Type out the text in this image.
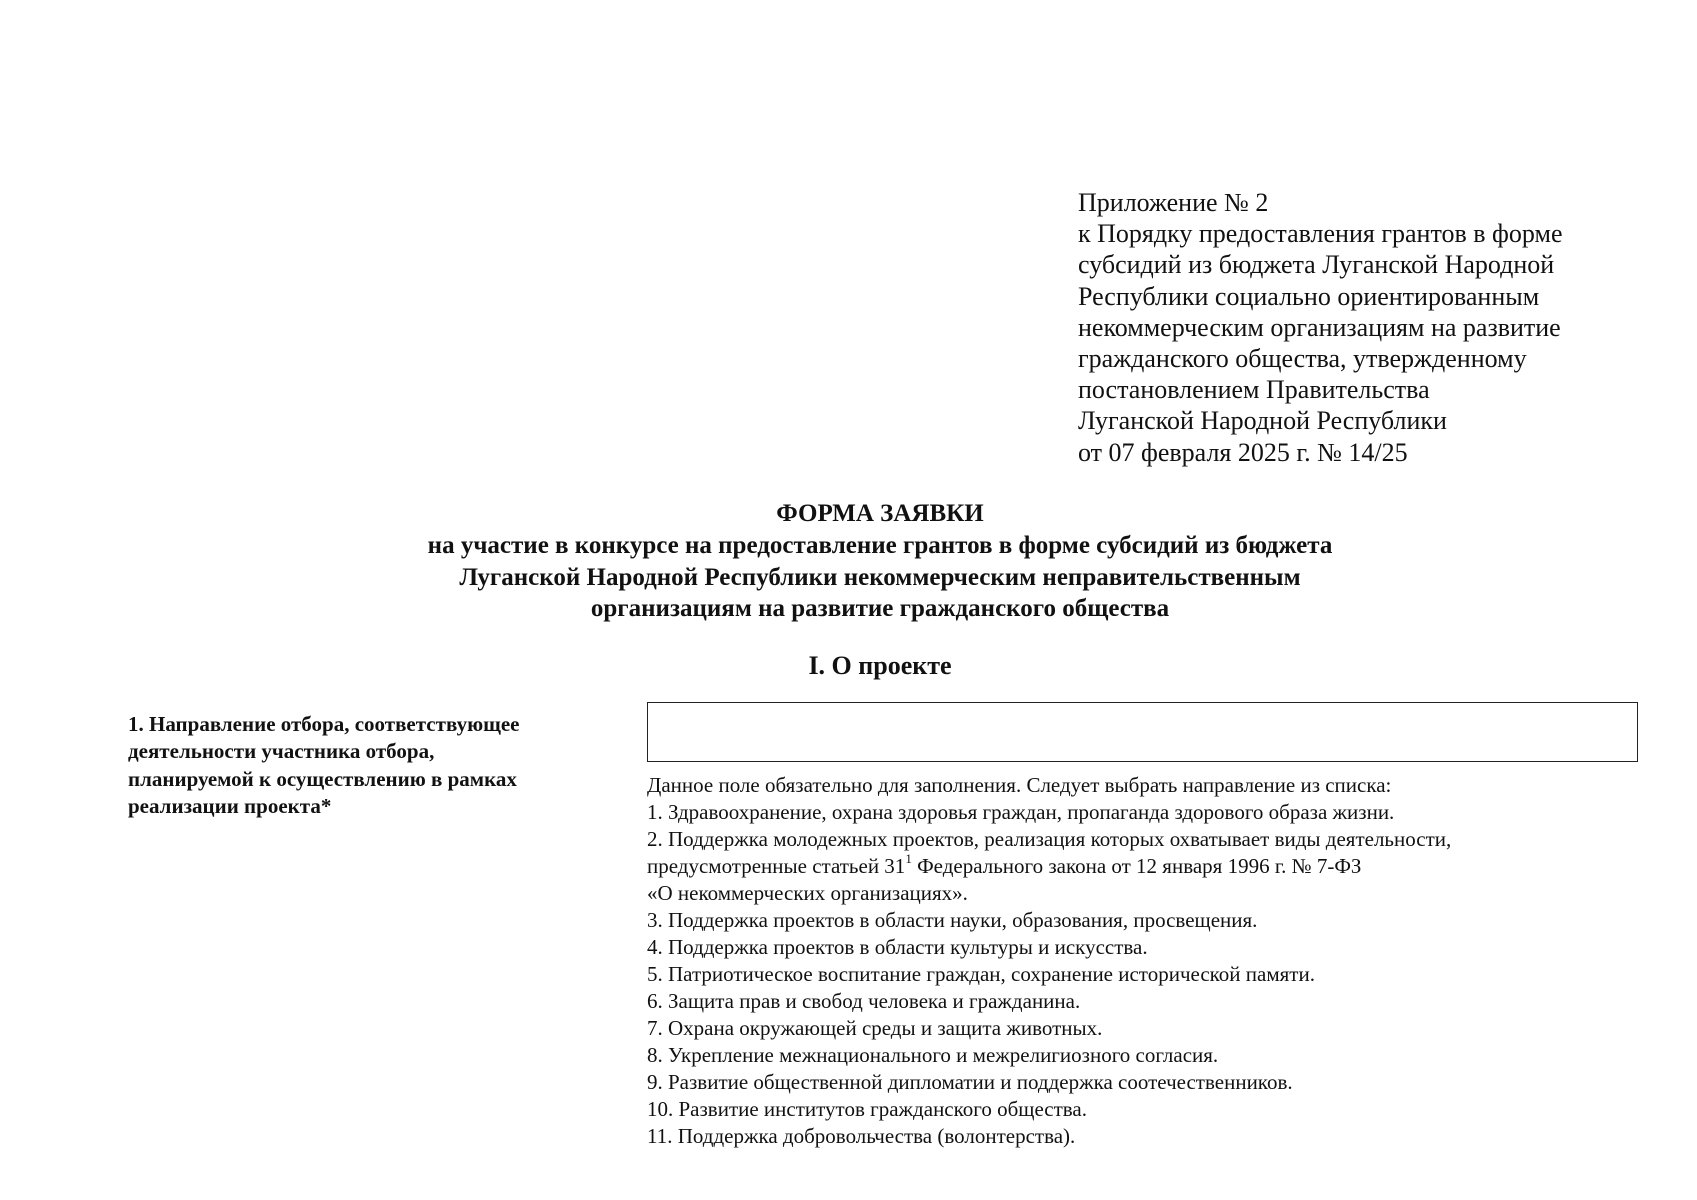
Приложение № 2
к Порядку предоставления грантов в форме
субсидий из бюджета Луганской Народной
Республики социально ориентированным
некоммерческим организациям на развитие
гражданского общества, утвержденному
постановлением Правительства
Луганской Народной Республики
от 07 февраля 2025 г. № 14/25
ФОРМА ЗАЯВКИ
на участие в конкурсе на предоставление грантов в форме субсидий из бюджета
Луганской Народной Республики некоммерческим неправительственным
организациям на развитие гражданского общества
I. О проекте
1. Направление отбора, соответствующее
деятельности участника отбора,
планируемой к осуществлению в рамках
реализации проекта*
Данное поле обязательно для заполнения. Следует выбрать направление из списка:
1. Здравоохранение, охрана здоровья граждан, пропаганда здорового образа жизни.
2. Поддержка молодежных проектов, реализация которых охватывает виды деятельности,
предусмотренные статьей $31^1$ Федерального закона от 12 января 1996 г. № 7-ФЗ
«О некоммерческих организациях».
3. Поддержка проектов в области науки, образования, просвещения.
4. Поддержка проектов в области культуры и искусства.
5. Патриотическое воспитание граждан, сохранение исторической памяти.
6. Защита прав и свобод человека и гражданина.
7. Охрана окружающей среды и защита животных.
8. Укрепление межнационального и межрелигиозного согласия.
9. Развитие общественной дипломатии и поддержка соотечественников.
10. Развитие институтов гражданского общества.
11. Поддержка добровольчества (волонтерства).
